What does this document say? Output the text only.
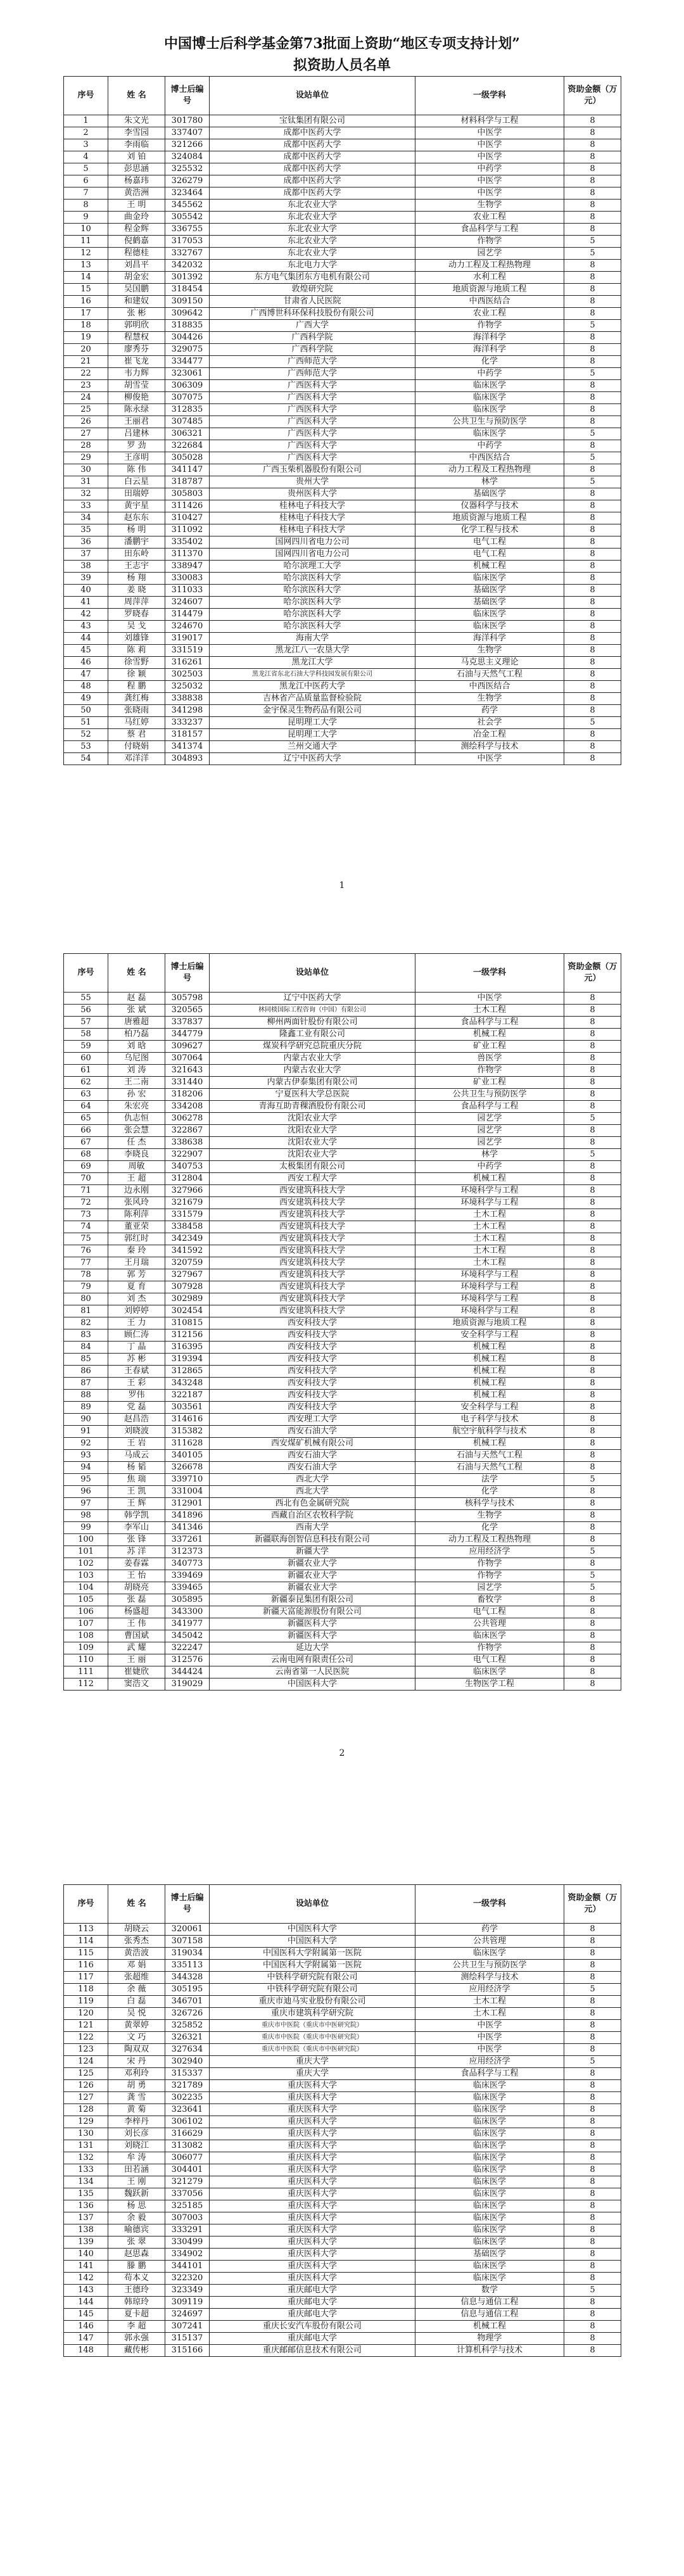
中国博士后科学基金第73批面上资助“地区专项支持计划”
拟资助人员名单
序号	姓 名	博士后编 号	设站单位	一级学科	资助金额（万元）
1	朱文光	301780	宝钛集团有限公司	材料科学与工程	8
2	李雪园	337407	成都中医药大学	中医学	8
3	李雨临	321266	成都中医药大学	中医学	8
4	刘 铂	324084	成都中医药大学	中医学	8
5	彭思涵	325532	成都中医药大学	中药学	8
6	杨嘉玮	326279	成都中医药大学	中医学	8
7	黄浩洲	323464	成都中医药大学	中医学	8
8	王 明	345562	东北农业大学	生物学	8
9	曲金玲	305542	东北农业大学	农业工程	8
10	程金辉	336755	东北农业大学	食品科学与工程	8
11	倪鹤嘉	317053	东北农业大学	作物学	5
12	程德桂	332767	东北农业大学	园艺学	5
13	刘昌平	342032	东北电力大学	动力工程及工程热物理	8
14	胡金宏	301392	东方电气集团东方电机有限公司	水利工程	8
15	吴国鹏	318454	敦煌研究院	地质资源与地质工程	8
16	和建奴	309150	甘肃省人民医院	中西医结合	8
17	张 彬	309642	广西博世科环保科技股份有限公司	农业工程	8
18	郭明欣	318835	广西大学	作物学	5
19	程慧权	304426	广西科学院	海洋科学	8
20	廖秀芬	329075	广西科学院	海洋科学	8
21	崔飞龙	334477	广西师范大学	化学	8
22	韦力辉	323061	广西师范大学	中药学	5
23	胡雪莹	306309	广西医科大学	临床医学	8
24	柳俊艳	307075	广西医科大学	临床医学	8
25	陈永绿	312835	广西医科大学	临床医学	8
26	王丽君	307485	广西医科大学	公共卫生与预防医学	8
27	吕建林	306321	广西医科大学	临床医学	5
28	罗 劲	322684	广西医科大学	中药学	8
29	王彦明	305028	广西医科大学	中西医结合	5
30	陈 伟	341147	广西玉柴机器股份有限公司	动力工程及工程热物理	8
31	白云星	318787	贵州大学	林学	5
32	田瑞婷	305803	贵州医科大学	基础医学	8
33	黄宇星	311426	桂林电子科技大学	仪器科学与技术	8
34	赵东东	310427	桂林电子科技大学	地质资源与地质工程	8
35	杨 明	311092	桂林电子科技大学	化学工程与技术	8
36	潘鹏宇	335402	国网四川省电力公司	电气工程	8
37	田东岭	311370	国网四川省电力公司	电气工程	8
38	王志宇	338947	哈尔滨理工大学	机械工程	8
39	杨 翔	330083	哈尔滨医科大学	临床医学	8
40	姜 晓	311033	哈尔滨医科大学	基础医学	8
41	周萍萍	324607	哈尔滨医科大学	基础医学	8
42	罗晓春	314479	哈尔滨医科大学	临床医学	8
43	吴 戈	324670	哈尔滨医科大学	临床医学	8
44	刘雄锋	319017	海南大学	海洋科学	8
45	陈 莉	331519	黑龙江八一农垦大学	生物学	8
46	徐雪野	316261	黑龙江大学	马克思主义理论	8
47	徐 颖	302503	黑龙江省东北石油大学科技园发展有限公司	石油与天然气工程	8
48	程 鹏	325032	黑龙江中医药大学	中西医结合	8
49	龚红梅	338838	吉林省产品质量监督检验院	生物学	8
50	张晓雨	341298	金宇保灵生物药品有限公司	药学	8
51	马红婷	333237	昆明理工大学	社会学	5
52	蔡 君	318157	昆明理工大学	冶金工程	8
53	付晓娟	341374	兰州交通大学	测绘科学与技术	8
54	邓洋洋	304893	辽宁中医药大学	中医学	8
1
序号	姓 名	博士后编 号	设站单位	一级学科	资助金额（万元）
55	赵 磊	305798	辽宁中医药大学	中医学	8
56	张 斌	320565	林同棪国际工程咨询（中国）有限公司	土木工程	8
57	唐雅超	337837	柳州两面针股份有限公司	食品科学与工程	8
58	柏乃磊	344779	隆鑫工业有限公司	机械工程	8
59	刘 晗	309627	煤炭科学研究总院重庆分院	矿业工程	8
60	乌尼图	307064	内蒙古农业大学	兽医学	8
61	刘 涛	321643	内蒙古农业大学	作物学	8
62	王二南	331440	内蒙古伊泰集团有限公司	矿业工程	8
63	孙 宏	318206	宁夏医科大学总医院	公共卫生与预防医学	8
64	朱宏亮	334208	青海互助青稞酒股份有限公司	食品科学与工程	8
65	仇志恒	306278	沈阳农业大学	园艺学	5
66	张会慧	322867	沈阳农业大学	园艺学	8
67	任 杰	338638	沈阳农业大学	园艺学	8
68	李晓良	322907	沈阳农业大学	林学	5
69	周敏	340753	太极集团有限公司	中药学	8
70	王 超	312804	西安工程大学	机械工程	8
71	边永刚	327966	西安建筑科技大学	环境科学与工程	8
72	张风玲	321679	西安建筑科技大学	环境科学与工程	8
73	陈利萍	331579	西安建筑科技大学	土木工程	8
74	董亚荣	338458	西安建筑科技大学	土木工程	8
75	郭红时	342349	西安建筑科技大学	土木工程	8
76	秦 玲	341592	西安建筑科技大学	土木工程	8
77	王月瑞	320759	西安建筑科技大学	土木工程	8
78	郭 芳	327967	西安建筑科技大学	环境科学与工程	8
79	夏 育	307928	西安建筑科技大学	环境科学与工程	8
80	刘 杰	302989	西安建筑科技大学	环境科学与工程	8
81	刘婷婷	302454	西安建筑科技大学	环境科学与工程	8
82	王 力	310815	西安科技大学	地质资源与地质工程	8
83	顾仁涛	312156	西安科技大学	安全科学与工程	8
84	丁 晶	316395	西安科技大学	机械工程	8
85	苏 彬	319394	西安科技大学	机械工程	8
86	王春斌	312865	西安科技大学	机械工程	8
87	王 彩	343248	西安科技大学	机械工程	8
88	罗伟	322187	西安科技大学	机械工程	8
89	党 磊	303561	西安科技大学	安全科学与工程	8
90	赵昌浩	314616	西安理工大学	电子科学与技术	8
91	刘晓波	315382	西安石油大学	航空宇航科学与技术	8
92	王 岩	311628	西安煤矿机械有限公司	机械工程	8
93	马成云	340105	西安石油大学	石油与天然气工程	8
94	杨 韬	326678	西安石油大学	石油与天然气工程	8
95	焦 瑞	339710	西北大学	法学	5
96	王 凯	331004	西北大学	化学	8
97	王 辉	312901	西北有色金属研究院	核科学与技术	8
98	韩学凯	341896	西藏自治区农牧科学院	生物学	8
99	李军山	341346	西南大学	化学	8
100	张 锋	337261	新疆联海创智信息科技有限公司	动力工程及工程热物理	8
101	苏 洋	312373	新疆大学	应用经济学	5
102	姜春霖	340773	新疆农业大学	作物学	8
103	王 怡	339469	新疆农业大学	作物学	5
104	胡晓亮	339465	新疆农业大学	园艺学	5
105	张 磊	305895	新疆泰昆集团有限公司	畜牧学	8
106	杨盛超	343300	新疆天富能源股份有限公司	电气工程	8
107	王 伟	341977	新疆医科大学	公共管理	8
108	曹国斌	345042	新疆医科大学	临床医学	8
109	武 耀	322247	延边大学	作物学	8
110	王 丽	312576	云南电网有限责任公司	电气工程	8
111	崔婕欣	344424	云南省第一人民医院	临床医学	8
112	窦浩文	319029	中国医科大学	生物医学工程	8
2
序号	姓 名	博士后编 号	设站单位	一级学科	资助金额（万元）
113	胡晓云	320061	中国医科大学	药学	8
114	张秀杰	307158	中国医科大学	公共管理	8
115	黄浩波	319034	中国医科大学附属第一医院	临床医学	8
116	邓 娟	335113	中国医科大学附属第一医院	公共卫生与预防医学	8
117	张超维	344328	中铁科学研究院有限公司	测绘科学与技术	8
118	余 薇	305195	中铁科学研究院有限公司	应用经济学	5
119	白 磊	346701	重庆市迪马实业股份有限公司	土木工程	8
120	吴 悦	326726	重庆市建筑科学研究院	土木工程	8
121	黄翠婷	325852	重庆市中医院（重庆市中医研究院）	中医学	8
122	文 巧	326321	重庆市中医院（重庆市中医研究院）	中医学	8
123	陶双双	327634	重庆市中医院（重庆市中医研究院）	中医学	8
124	宋 丹	302940	重庆大学	应用经济学	5
125	邓利玲	315337	重庆大学	食品科学与工程	8
126	胡 勇	321789	重庆医科大学	临床医学	8
127	龚 雪	302235	重庆医科大学	临床医学	8
128	黄 菊	323641	重庆医科大学	临床医学	8
129	李梓丹	306102	重庆医科大学	临床医学	8
130	刘长彦	316629	重庆医科大学	临床医学	8
131	刘晓江	313082	重庆医科大学	临床医学	8
132	牟 涛	306077	重庆医科大学	临床医学	8
133	田若涵	304401	重庆医科大学	临床医学	8
134	王 刚	321279	重庆医科大学	临床医学	8
135	魏跃新	337056	重庆医科大学	临床医学	8
136	杨 思	325185	重庆医科大学	临床医学	8
137	余 毅	307003	重庆医科大学	临床医学	8
138	喻德宾	333291	重庆医科大学	临床医学	8
139	张 翠	330499	重庆医科大学	临床医学	8
140	赵思森	334902	重庆医科大学	基础医学	8
141	滕 鹏	344101	重庆医科大学	临床医学	8
142	苟本义	322320	重庆医科大学	临床医学	8
143	王德玲	323349	重庆邮电大学	数学	5
144	韩琼玲	309119	重庆邮电大学	信息与通信工程	8
145	夏卡超	324697	重庆邮电大学	信息与通信工程	8
146	李 超	307241	重庆长安汽车股份有限公司	机械工程	8
147	郭永强	315137	重庆邮电大学	物理学	8
148	藏传彬	315166	重庆邮邮信息技术有限公司	计算机科学与技术	8
